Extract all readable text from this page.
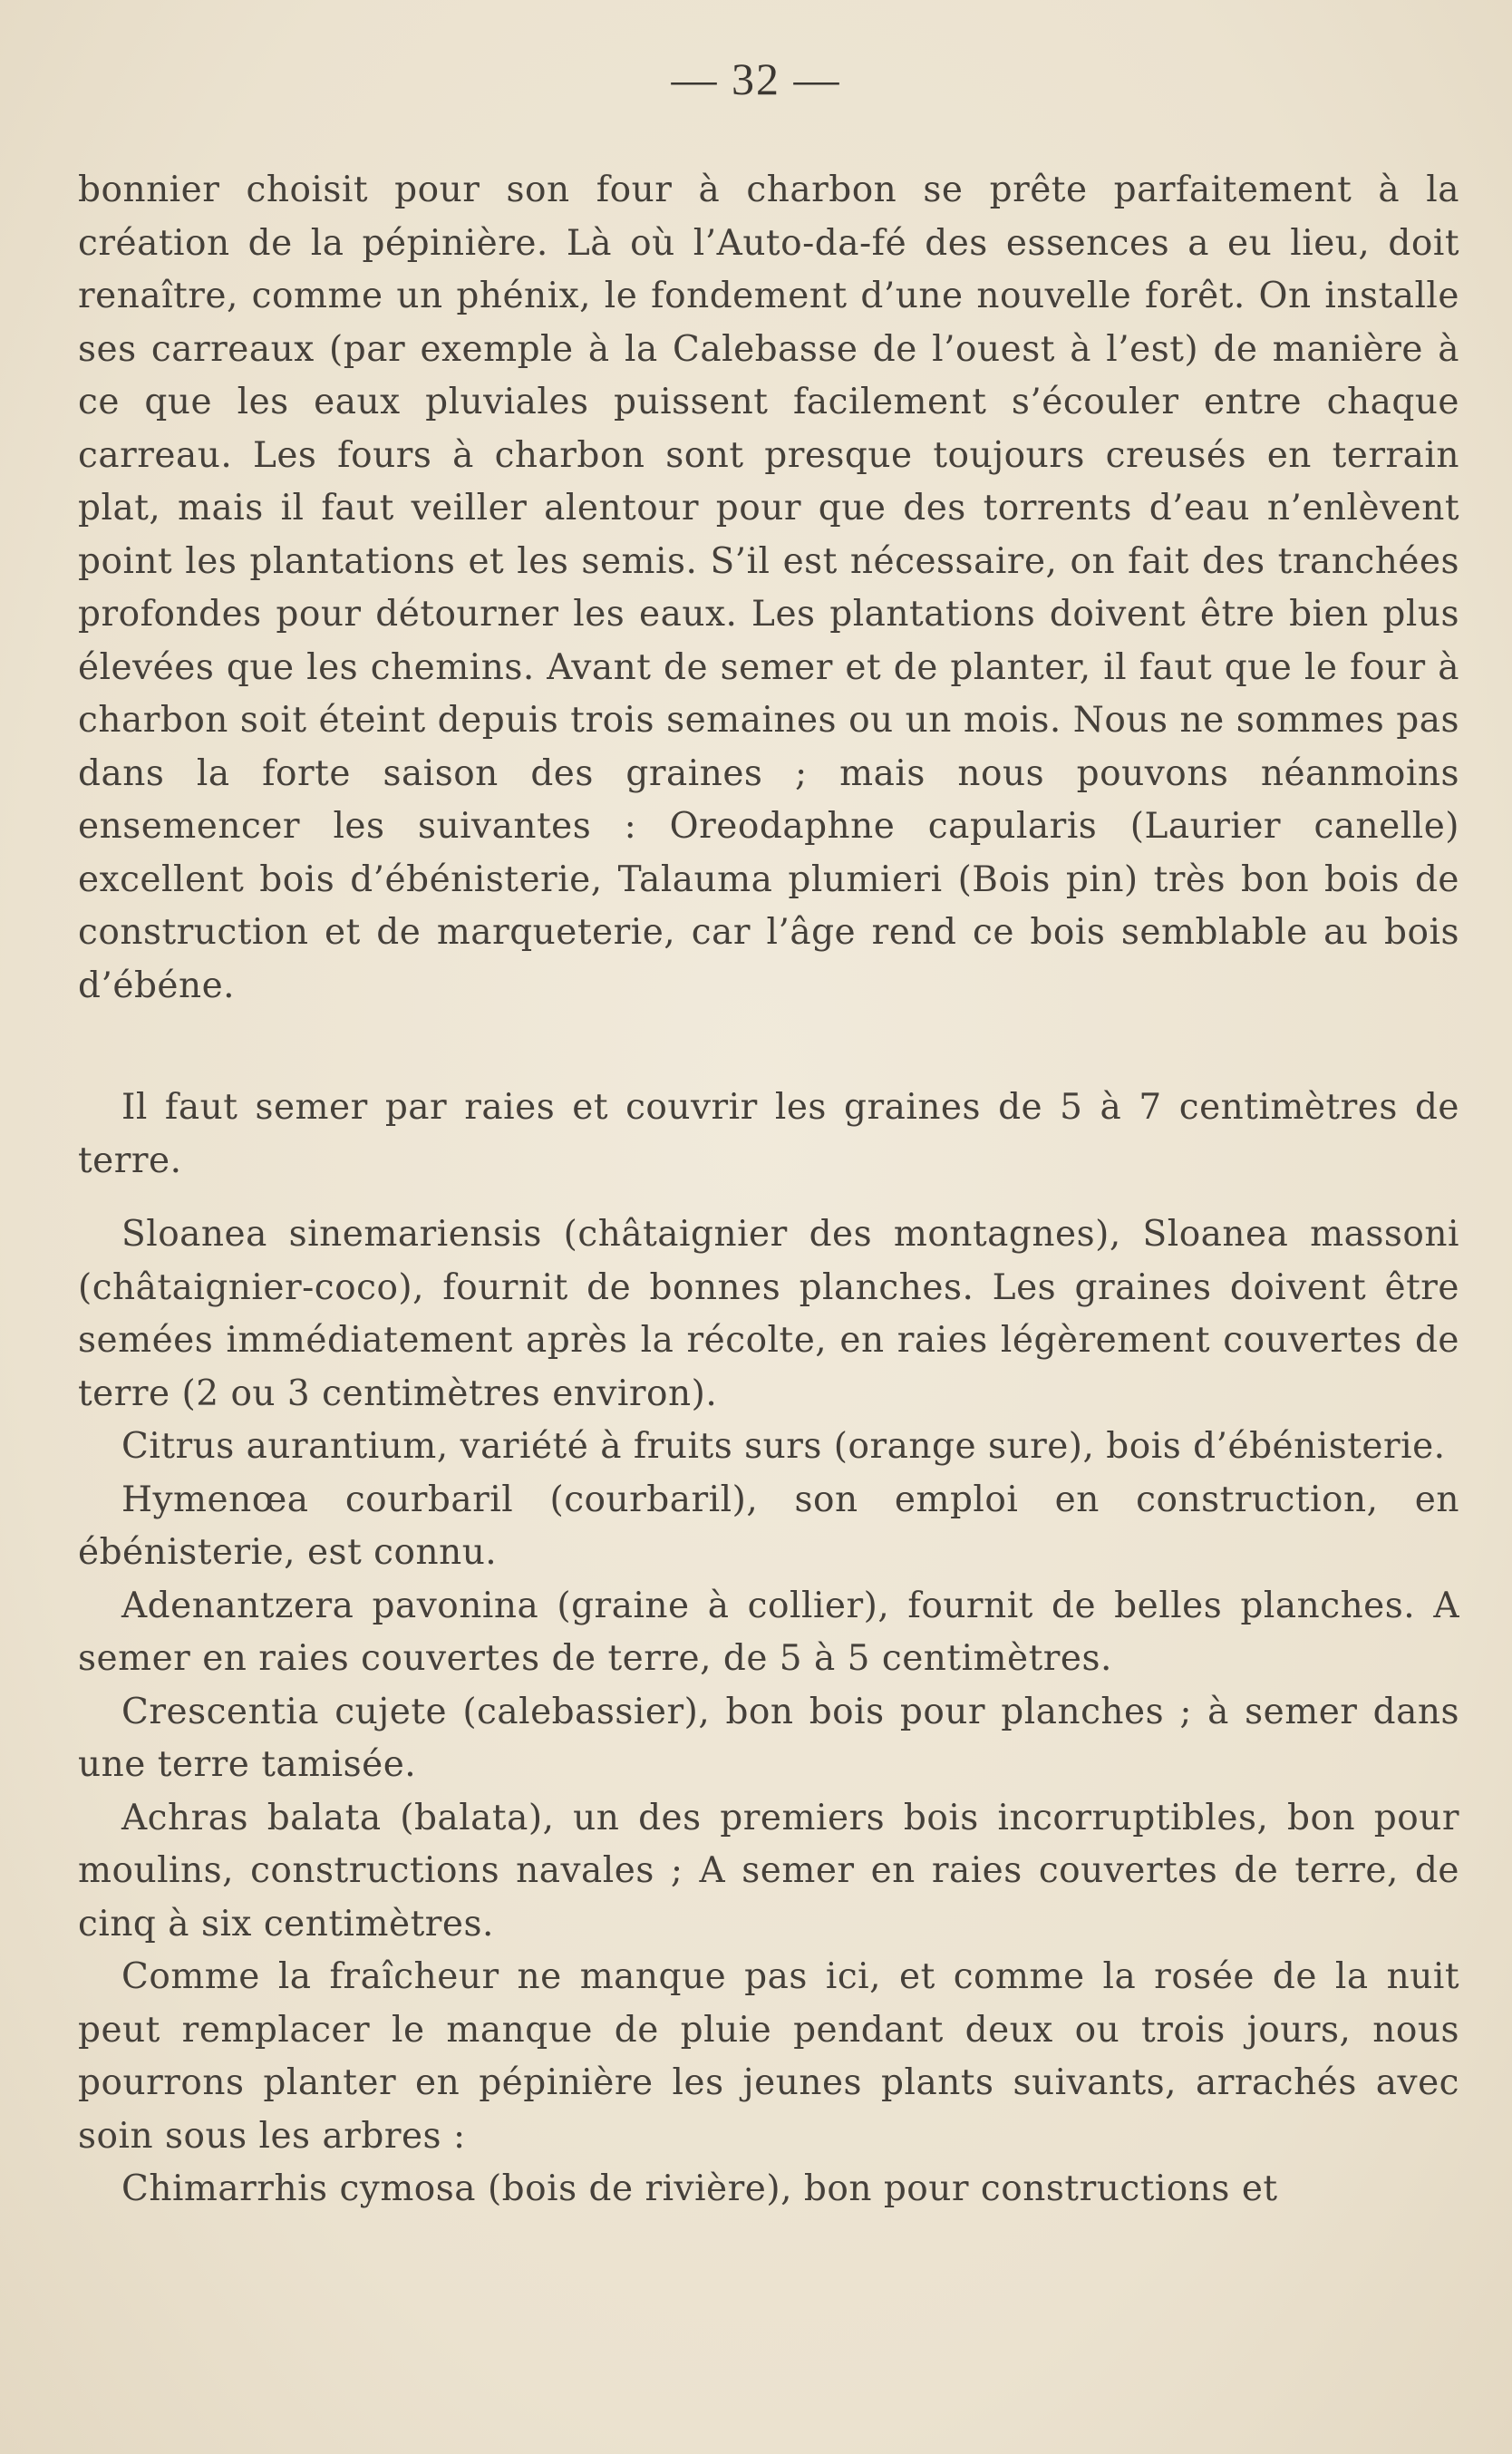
— 32 —

bonnier choisit pour son four à charbon se prête parfaitement à la création de la pépinière. Là où l’Auto-da-fé des essences a eu lieu, doit renaître, comme un phénix, le fondement d’une nouvelle forêt. On installe ses carreaux (par exemple à la Calebasse de l’ouest à l’est) de manière à ce que les eaux pluviales puissent facilement s’écouler entre chaque carreau. Les fours à charbon sont presque toujours creusés en terrain plat, mais il faut veiller alentour pour que des torrents d’eau n’enlèvent point les plantations et les semis. S’il est nécessaire, on fait des tranchées profondes pour détourner les eaux. Les plantations doivent être bien plus élevées que les chemins. Avant de semer et de planter, il faut que le four à charbon soit éteint depuis trois semaines ou un mois. Nous ne sommes pas dans la forte saison des graines ; mais nous pouvons néanmoins ensemencer les suivantes : Oreodaphne capularis (Laurier canelle) excellent bois d’ébénisterie, Talauma plumieri (Bois pin) très bon bois de construction et de marqueterie, car l’âge rend ce bois semblable au bois d’ébéne.

Il faut semer par raies et couvrir les graines de 5 à 7 centimètres de terre.

Sloanea sinemariensis (châtaignier des montagnes), Sloanea massoni (châtaignier-coco), fournit de bonnes planches. Les graines doivent être semées immédiatement après la récolte, en raies légèrement couvertes de terre (2 ou 3 centimètres environ).

Citrus aurantium, variété à fruits surs (orange sure), bois d’ébénisterie.

Hymenœa courbaril (courbaril), son emploi en construction, en ébénisterie, est connu.

Adenantzera pavonina (graine à collier), fournit de belles planches. A semer en raies couvertes de terre, de 5 à 5 centimètres.

Crescentia cujete (calebassier), bon bois pour planches ; à semer dans une terre tamisée.

Achras balata (balata), un des premiers bois incorruptibles, bon pour moulins, constructions navales ; A semer en raies couvertes de terre, de cinq à six centimètres.

Comme la fraîcheur ne manque pas ici, et comme la rosée de la nuit peut remplacer le manque de pluie pendant deux ou trois jours, nous pourrons planter en pépinière les jeunes plants suivants, arrachés avec soin sous les arbres :

Chimarrhis cymosa (bois de rivière), bon pour constructions et
